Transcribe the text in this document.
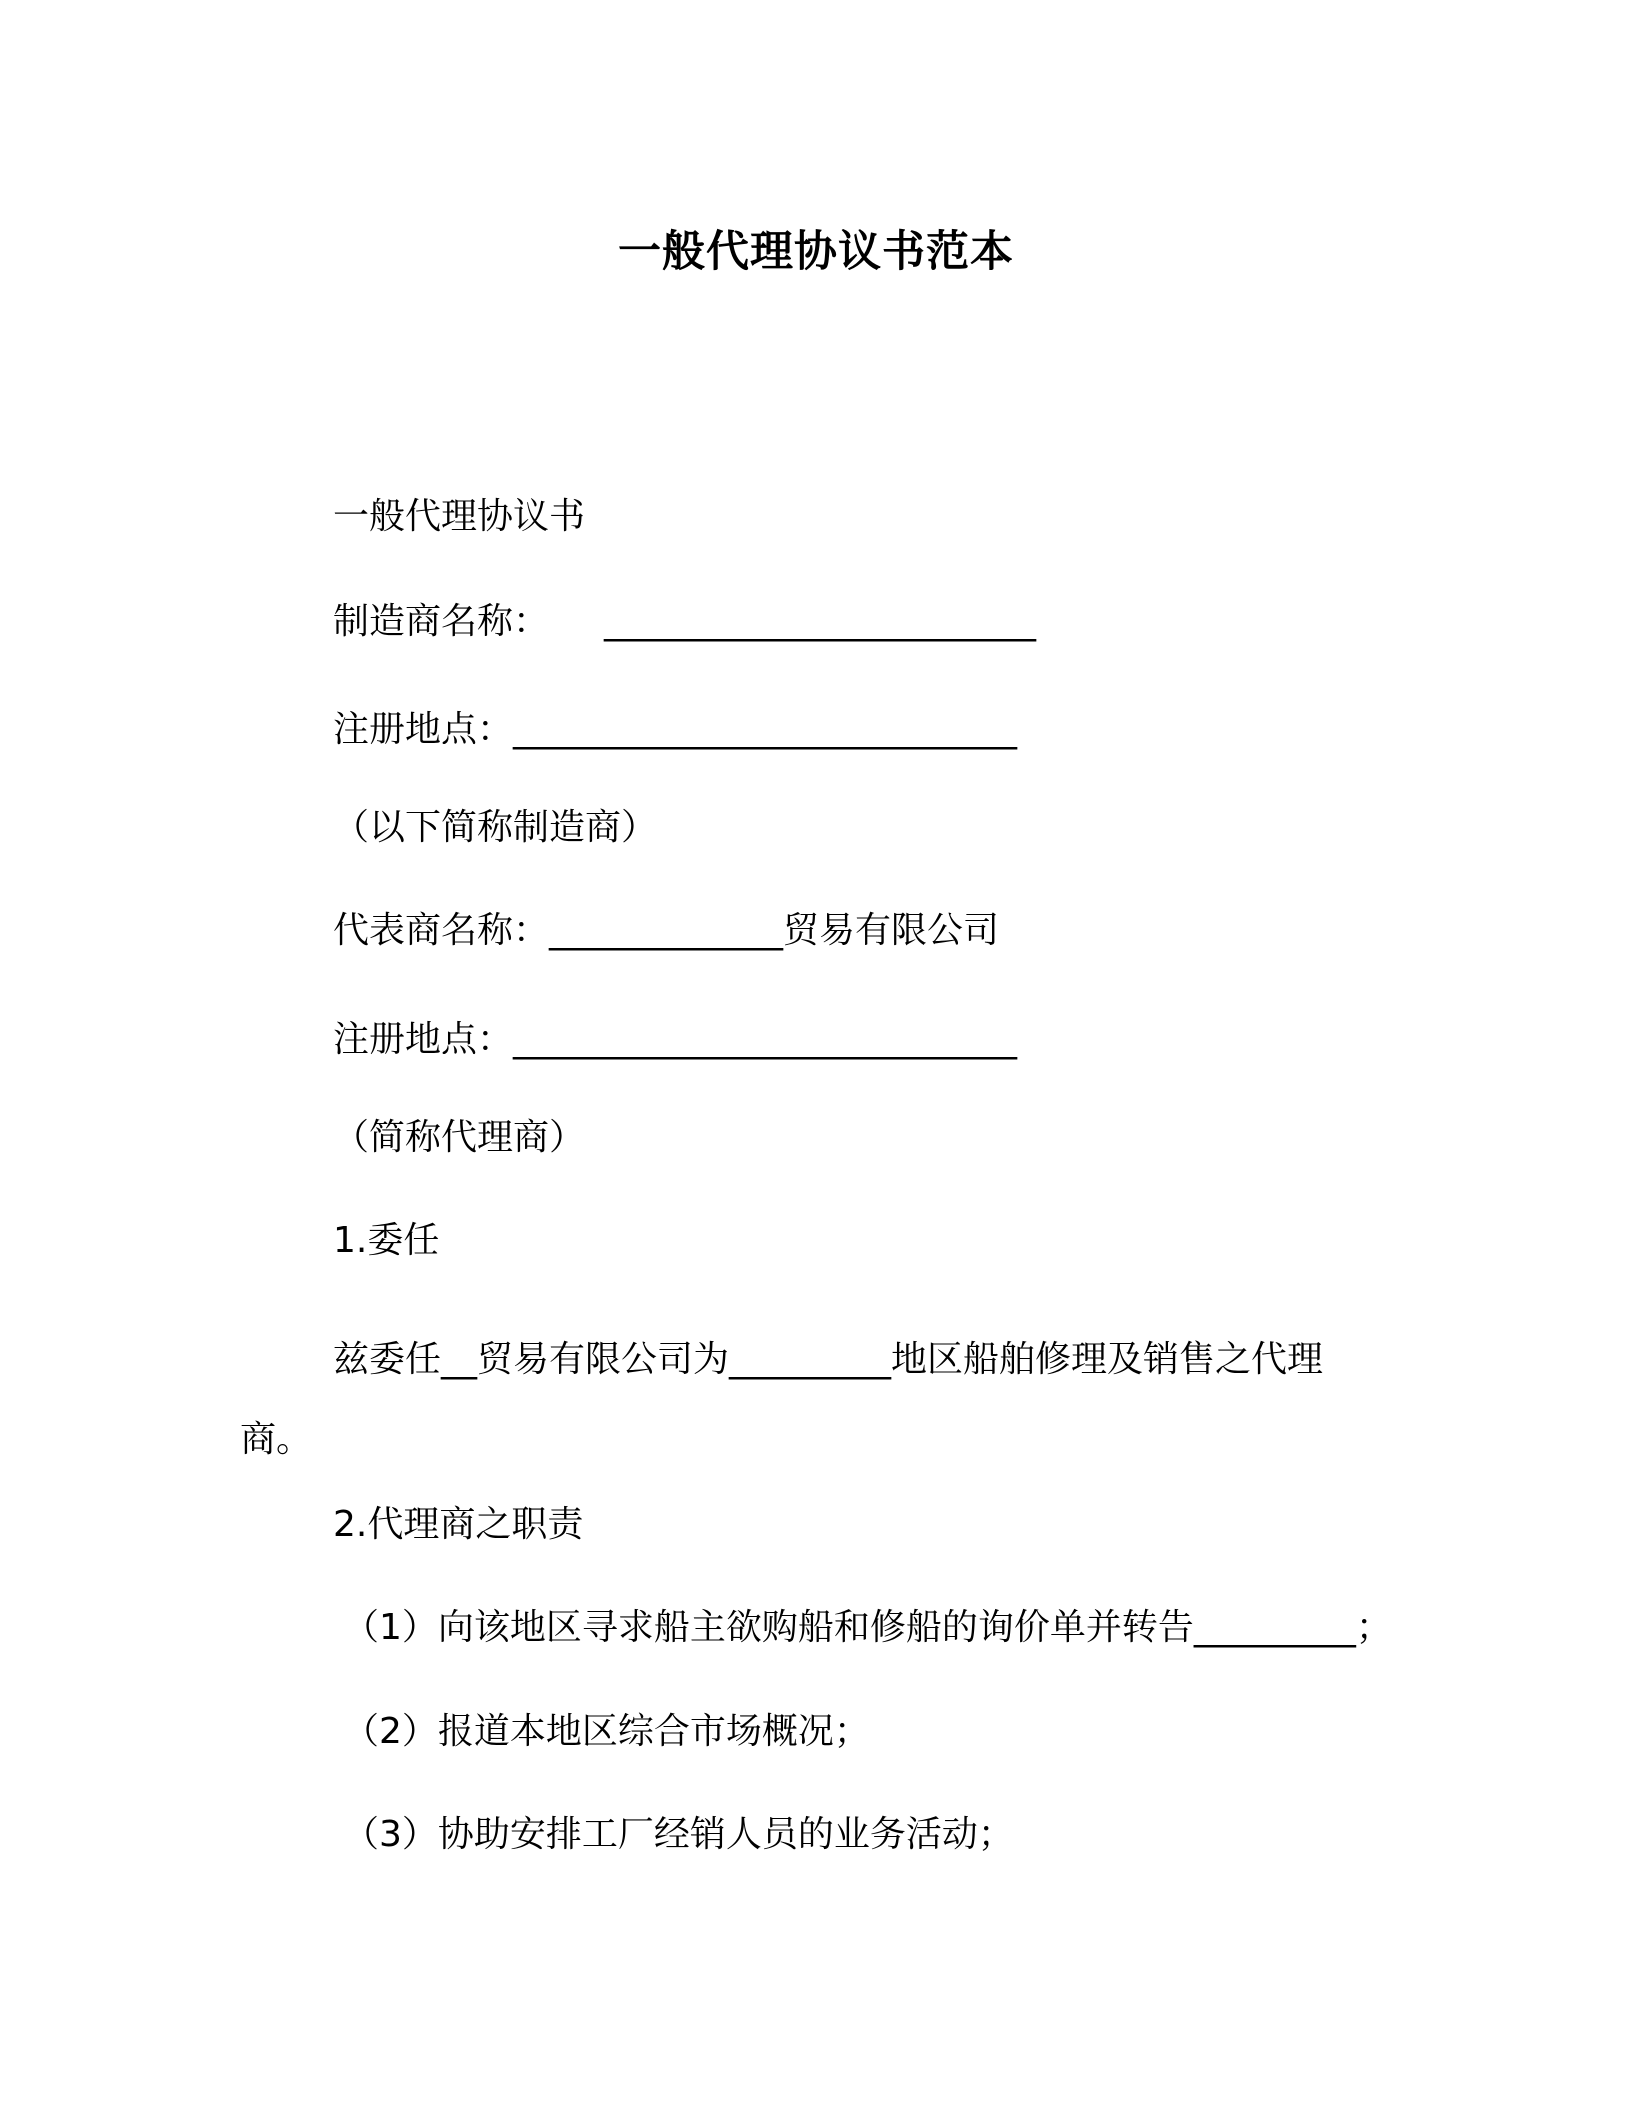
一般代理协议书范本
一般代理协议书
制造商名称： ________________________
注册地点：____________________________
（以下简称制造商）
代表商名称：_____________贸易有限公司
注册地点：____________________________
（简称代理商）
1.委任
兹委任__贸易有限公司为_________地区船舶修理及销售之代理商。
2.代理商之职责
（1）向该地区寻求船主欲购船和修船的询价单并转告_________；
（2）报道本地区综合市场概况；
（3）协助安排工厂经销人员的业务活动；
